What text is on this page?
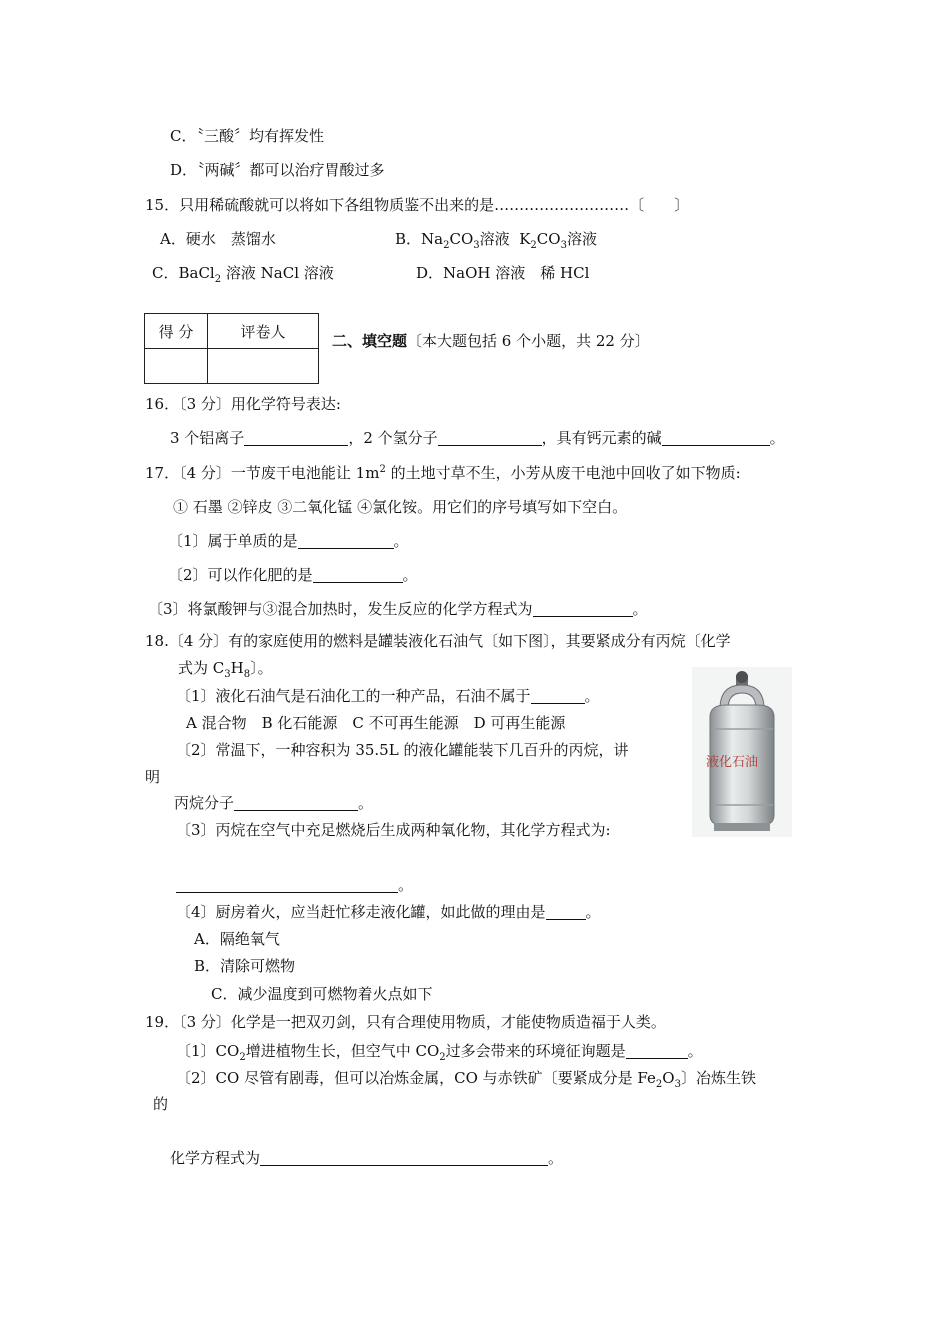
C．〝三酸〞均有挥发性
D．〝两碱〞都可以治疗胃酸过多
15．只用稀硫酸就可以将如下各组物质鉴不出来的是………………………〔　　〕
A．硬水　蒸馏水	B．$Na_2CO_3$溶液  $K_2CO_3$溶液
C．BaCl$_2$ 溶液 NaCl 溶液	D．NaOH 溶液　稀 HCl
得 分	评卷人

二、填空题〔本大题包括 6 个小题，共 22 分〕
16．〔3 分〕用化学符号表达:
3 个铝离子	，2 个氢分子	，具有钙元素的碱	。
17．〔4 分〕一节废干电池能让 $1m^2$ 的土地寸草不生，小芳从废干电池中回收了如下物质:
① 石墨 ②锌皮 ③二氧化锰 ④氯化铵。用它们的序号填写如下空白。
〔1〕属于单质的是	。
〔2〕可以作化肥的是	。
〔3〕将氯酸钾与③混合加热时，发生反应的化学方程式为	。
18.〔4 分〕有的家庭使用的燃料是罐装液化石油气〔如下图〕，其要紧成分有丙烷〔化学
式为 $C_3H_8$〕。
〔1〕液化石油气是石油化工的一种产品，石油不属于	。
A 混合物　B 化石能源　C 不可再生能源　D 可再生能源
〔2〕常温下，一种容积为 35.5L 的液化罐能装下几百升的丙烷，讲
明
丙烷分子	。
〔3〕丙烷在空气中充足燃烧后生成两种氧化物，其化学方程式为:
。
〔4〕厨房着火，应当赶忙移走液化罐，如此做的理由是	。
A．隔绝氧气
B．清除可燃物
C．减少温度到可燃物着火点如下
液化石油
19．〔3 分〕化学是一把双刃剑，只有合理使用物质，才能使物质造福于人类。
〔1〕$CO_2$增进植物生长，但空气中 $CO_2$过多会带来的环境征询题是	。
〔2〕CO 尽管有剧毒，但可以冶炼金属，CO 与赤铁矿〔要紧成分是 $Fe_2O_3$〕冶炼生铁
的
化学方程式为	。
